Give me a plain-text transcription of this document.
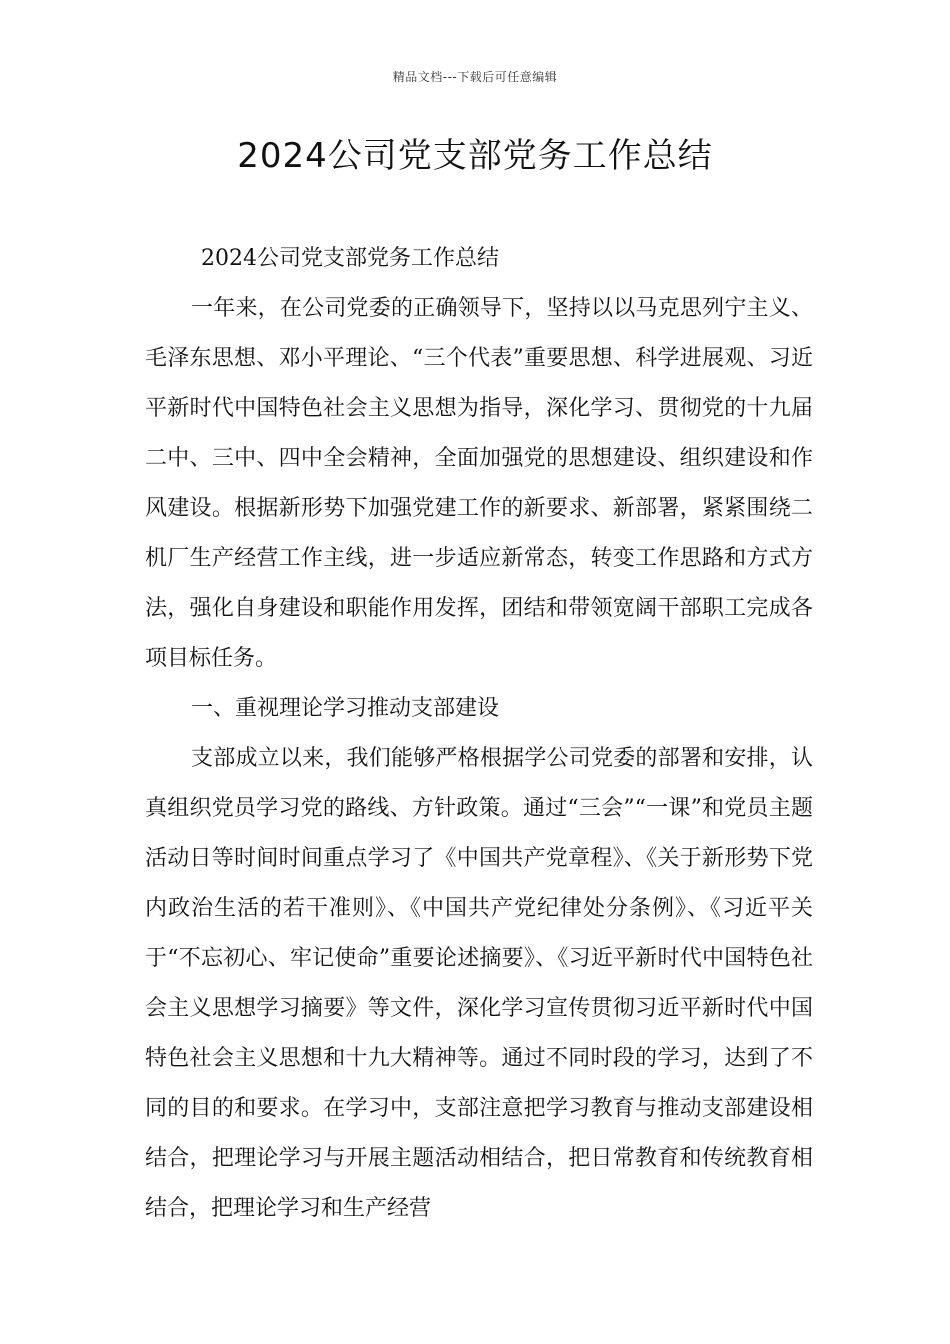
精品文档---下载后可任意编辑
2024公司党支部党务工作总结

2024公司党支部党务工作总结

一年来，在公司党委的正确领导下，坚持以以马克思列宁主义、毛泽东思想、邓小平理论、“三个代表”重要思想、科学进展观、习近平新时代中国特色社会主义思想为指导，深化学习、贯彻党的十九届二中、三中、四中全会精神，全面加强党的思想建设、组织建设和作风建设。根据新形势下加强党建工作的新要求、新部署，紧紧围绕二机厂生产经营工作主线，进一步适应新常态，转变工作思路和方式方法，强化自身建设和职能作用发挥，团结和带领宽阔干部职工完成各项目标任务。

一、重视理论学习推动支部建设

支部成立以来，我们能够严格根据学公司党委的部署和安排，认真组织党员学习党的路线、方针政策。通过“三会”“一课”和党员主题活动日等时间时间重点学习了《中国共产党章程》、《关于新形势下党内政治生活的若干准则》、《中国共产党纪律处分条例》、《习近平关于“不忘初心、牢记使命”重要论述摘要》、《习近平新时代中国特色社会主义思想学习摘要》等文件，深化学习宣传贯彻习近平新时代中国特色社会主义思想和十九大精神等。通过不同时段的学习，达到了不同的目的和要求。在学习中，支部注意把学习教育与推动支部建设相结合，把理论学习与开展主题活动相结合，把日常教育和传统教育相结合，把理论学习和生产经营
